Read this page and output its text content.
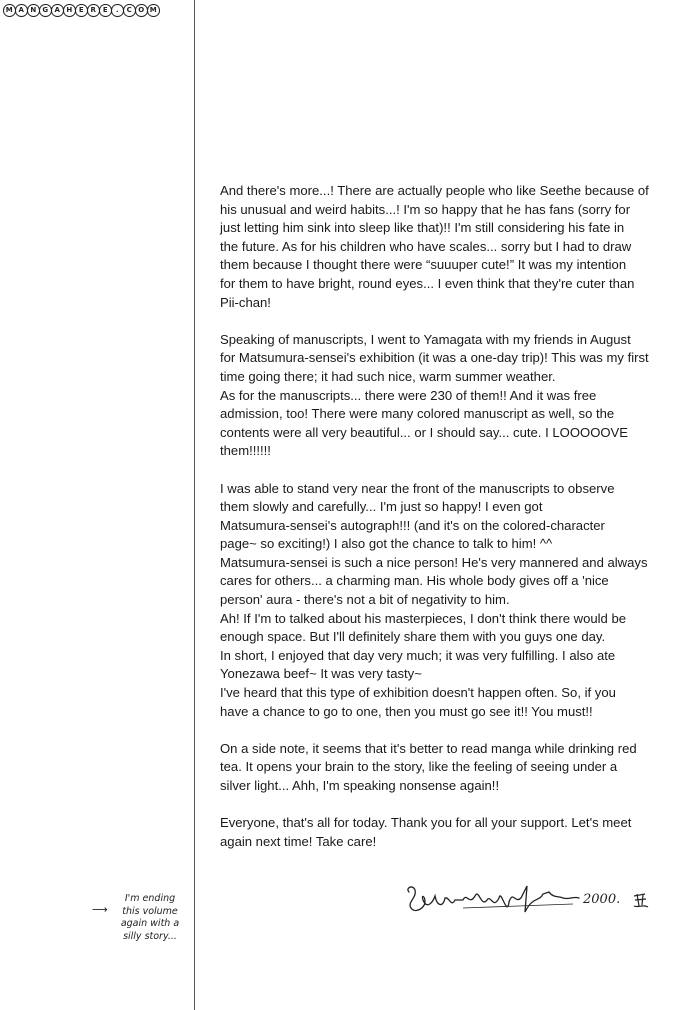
M A N G A H E R E	.	C O M

And there's more...! There are actually people who like Seethe because of
his unusual and weird habits...! I'm so happy that he has fans (sorry for
just letting him sink into sleep like that)!! I'm still considering his fate in
the future. As for his children who have scales... sorry but I had to draw
them because I thought there were “suuuper cute!” It was my intention
for them to have bright, round eyes... I even think that they're cuter than
Pii-chan!

Speaking of manuscripts, I went to Yamagata with my friends in August
for Matsumura-sensei's exhibition (it was a one-day trip)! This was my first
time going there; it had such nice, warm summer weather.
As for the manuscripts... there were 230 of them!! And it was free
admission, too! There were many colored manuscript as well, so the
contents were all very beautiful... or I should say... cute. I LOOOOOVE
them!!!!!!

I was able to stand very near the front of the manuscripts to observe
them slowly and carefully... I'm just so happy! I even got
Matsumura-sensei's autograph!!! (and it's on the colored-character
page~ so exciting!) I also got the chance to talk to him! ^^
Matsumura-sensei is such a nice person! He's very mannered and always
cares for others... a charming man. His whole body gives off a 'nice
person' aura - there's not a bit of negativity to him.
Ah! If I'm to talked about his masterpieces, I don't think there would be
enough space. But I'll definitely share them with you guys one day.
In short, I enjoyed that day very much; it was very fulfilling. I also ate
Yonezawa beef~ It was very tasty~
I've heard that this type of exhibition doesn't happen often. So, if you
have a chance to go to one, then you must go see it!! You must!!

On a side note, it seems that it's better to read manga while drinking red
tea. It opens your brain to the story, like the feeling of seeing under a
silver light... Ahh, I'm speaking nonsense again!!

Everyone, that's all for today. Thank you for all your support. Let's meet
again next time! Take care!

2000.
⟶
I'm ending
this volume
again with a
silly story...
